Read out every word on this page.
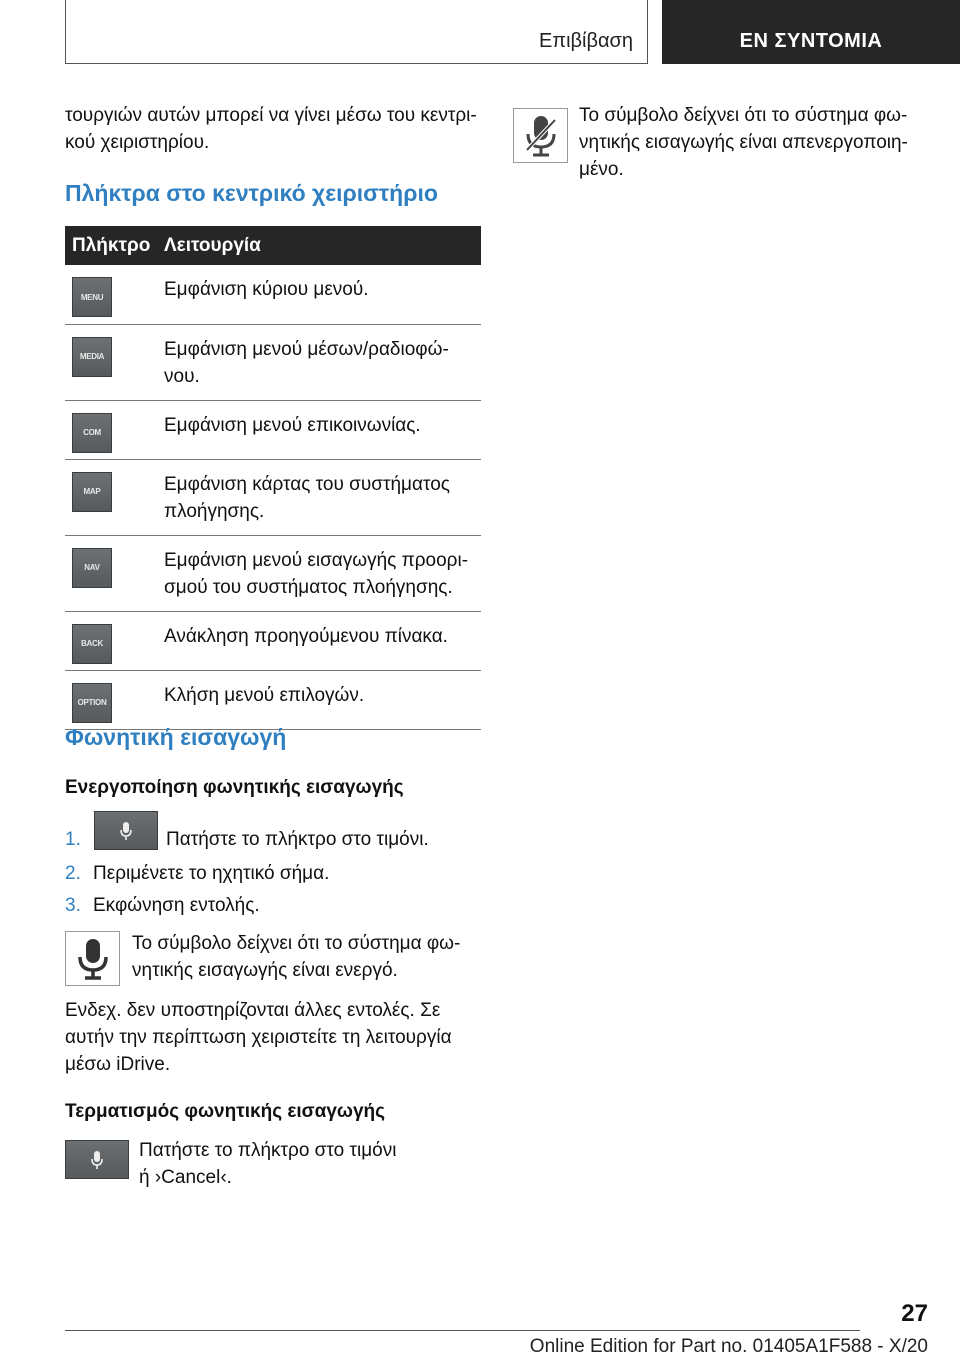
Επιβίβαση	ΕΝ ΣΥΝΤΟΜΙΑ

τουργιών αυτών μπορεί να γίνει μέσω του κεντρι-

κού χειριστηρίου.

Πλήκτρα στο κεντρικό χειριστήριο
Πλήκτρο	Λειτουργία

MENU	Εμφάνιση κύριου μενού.

MEDIA	Εμφάνιση μενού μέσων/ραδιοφώ-
νου.

COM	Εμφάνιση μενού επικοινωνίας.

MAP	Εμφάνιση κάρτας του συστήματος
πλοήγησης.

NAV	Εμφάνιση μενού εισαγωγής προορι-
σμού του συστήματος πλοήγησης.

BACK	Ανάκληση προηγούμενου πίνακα.

OPTION	Κλήση μενού επιλογών.
Φωνητική εισαγωγή
Ενεργοποίηση φωνητικής εισαγωγής
1.	Πατήστε το πλήκτρο στο τιμόνι.
2. Περιμένετε το ηχητικό σήμα.
3. Εκφώνηση εντολής.

Το σύμβολο δείχνει ότι το σύστημα φω-

νητικής εισαγωγής είναι ενεργό.

Ενδεχ. δεν υποστηρίζονται άλλες εντολές. Σε

αυτήν την περίπτωση χειριστείτε τη λειτουργία

μέσω iDrive.

Τερματισμός φωνητικής εισαγωγής

Πατήστε το πλήκτρο στο τιμόνι

ή ›Cancel‹.

Το σύμβολο δείχνει ότι το σύστημα φω-

νητικής εισαγωγής είναι απενεργοποιη-

μένο.

27
Online Edition for Part no. 01405A1F588 - X/20
